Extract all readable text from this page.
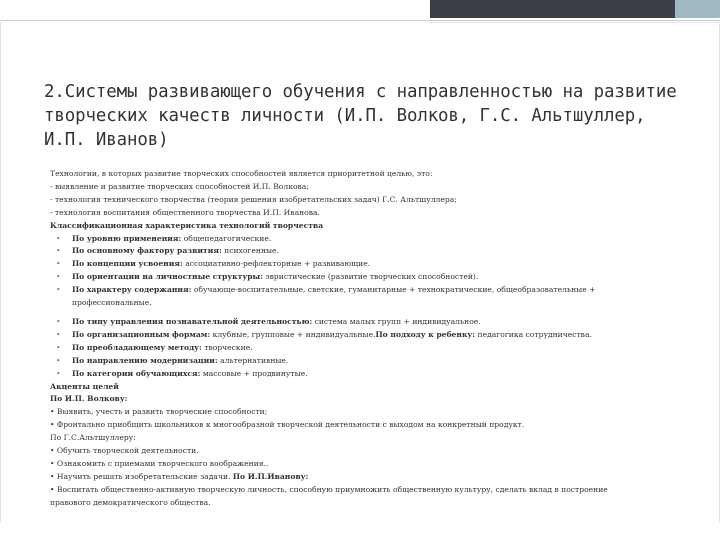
2.Системы развивающего обучения с направленностью на развитие творческих качеств личности (И.П. Волков, Г.С. Альтшуллер, И.П. Иванов)
Технологии, в которых развитие творческих способностей является приоритетной целью, это:
- выявление и развитие творческих способностей И.П. Волкова;
- технология технического творчества (теория решения изобретательских задач) Г.С. Альтшуллера;
- технология воспитания общественного творчества И.П. Иванова.
Классификационная характеристика технологий творчества
• По уровню применения: общепедагогические.
• По основному фактору развития: психогенные.
• По концепции усвоения: ассоциативно-рефлекторные + развивающие.
• По ориентации на личностные структуры: эвристические (развитие творческих способностей).
• По характеру содержания: обучающе-воспитательные, светские, гуманитарные + технократические, общеобразовательные + профессиональные.
• По типу управления познавательной деятельностью: система малых групп + индивидуальное.
• По организационным формам: клубные, групповые + индивидуальные.По подходу к ребенку: педагогика сотрудничества.
• По преобладающему методу: творческие.
• По направлению модернизации: альтернативные.
• По категории обучающихся: массовые + продвинутые.
Акценты целей
По И.П. Волкову:
• Выявить, учесть и развить творческие способности;
• Фронтально приобщить школьников к многообразной творческой деятельности с выходом на конкретный продукт.
По Г.С.Альтшуллеру:
• Обучить творческой деятельности.
• Ознакомить с приемами творческого воображения..
• Научить решать изобретательские задачи. По И.П.Иванову:
• Воспитать общественно-активную творческую личность, способную приумножить общественную культуру, сделать вклад в построение правового демократического общества.
